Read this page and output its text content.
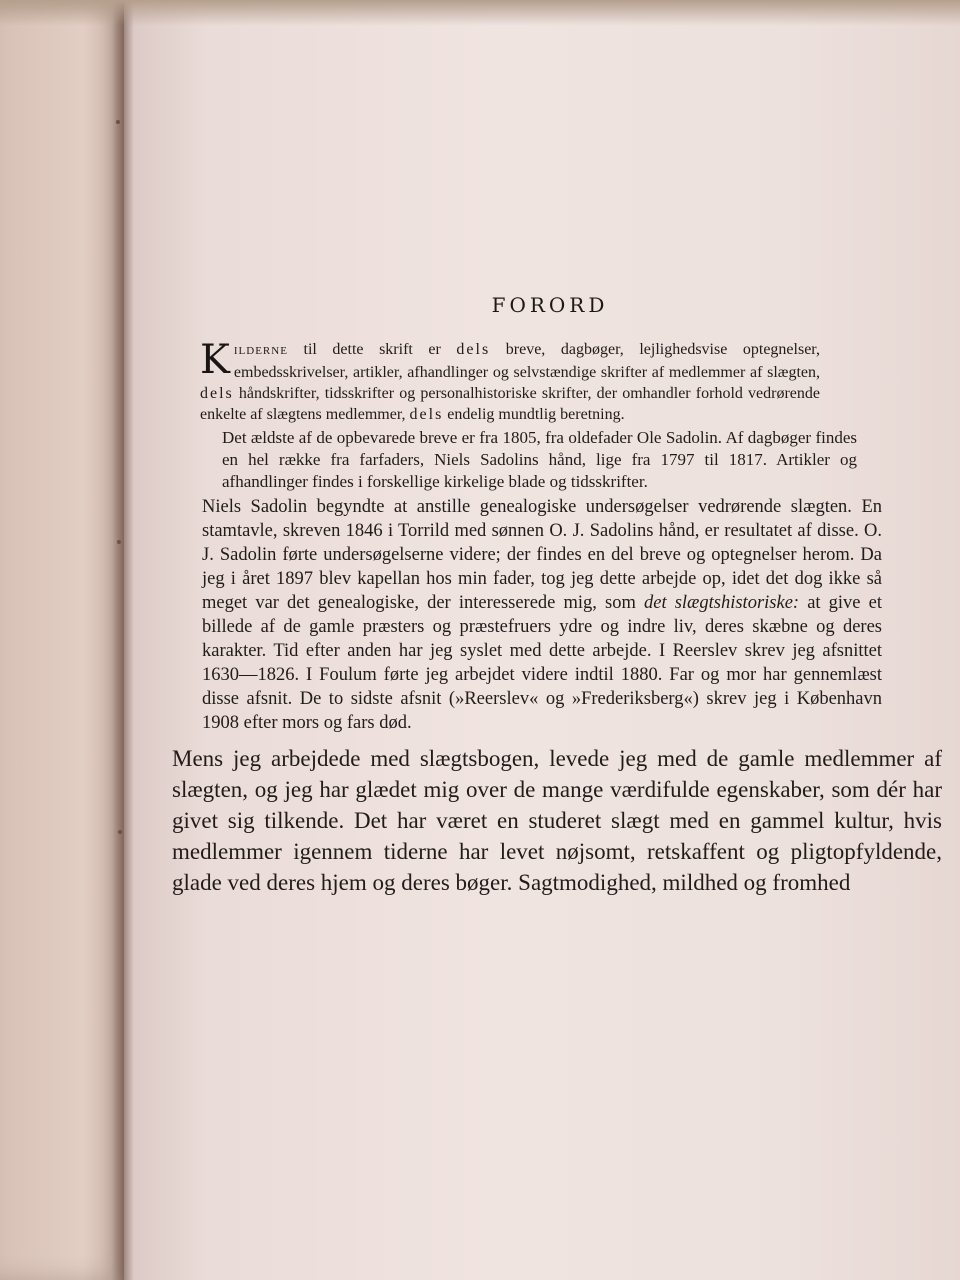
FORORD

KILDERNE til dette skrift er dels breve, dagbøger, lejlighedsvise optegnelser, embedsskrivelser, artikler, afhandlinger og selvstændige skrifter af medlemmer af slægten, dels håndskrifter, tidsskrifter og personalhistoriske skrifter, der omhandler forhold vedrørende enkelte af slægtens medlemmer, dels endelig mundtlig beretning.

Det ældste af de opbevarede breve er fra 1805, fra oldefader Ole Sadolin. Af dagbøger findes en hel række fra farfaders, Niels Sadolins hånd, lige fra 1797 til 1817. Artikler og afhandlinger findes i forskellige kirkelige blade og tidsskrifter.

Niels Sadolin begyndte at anstille genealogiske undersøgelser vedrørende slægten. En stamtavle, skreven 1846 i Torrild med sønnen O. J. Sadolins hånd, er resultatet af disse. O. J. Sadolin førte undersøgelserne videre; der findes en del breve og optegnelser herom. Da jeg i året 1897 blev kapellan hos min fader, tog jeg dette arbejde op, idet det dog ikke så meget var det genealogiske, der interesserede mig, som det slægtshistoriske: at give et billede af de gamle præsters og præstefruers ydre og indre liv, deres skæbne og deres karakter. Tid efter anden har jeg syslet med dette arbejde. I Reerslev skrev jeg afsnittet 1630—1826. I Foulum førte jeg arbejdet videre indtil 1880. Far og mor har gennemlæst disse afsnit. De to sidste afsnit (»Reerslev« og »Frederiksberg«) skrev jeg i København 1908 efter mors og fars død.

Mens jeg arbejdede med slægtsbogen, levede jeg med de gamle medlemmer af slægten, og jeg har glædet mig over de mange værdifulde egenskaber, som dér har givet sig tilkende. Det har været en studeret slægt med en gammel kultur, hvis medlemmer igennem tiderne har levet nøjsomt, retskaffent og pligtopfyldende, glade ved deres hjem og deres bøger. Sagtmodighed, mildhed og fromhed
